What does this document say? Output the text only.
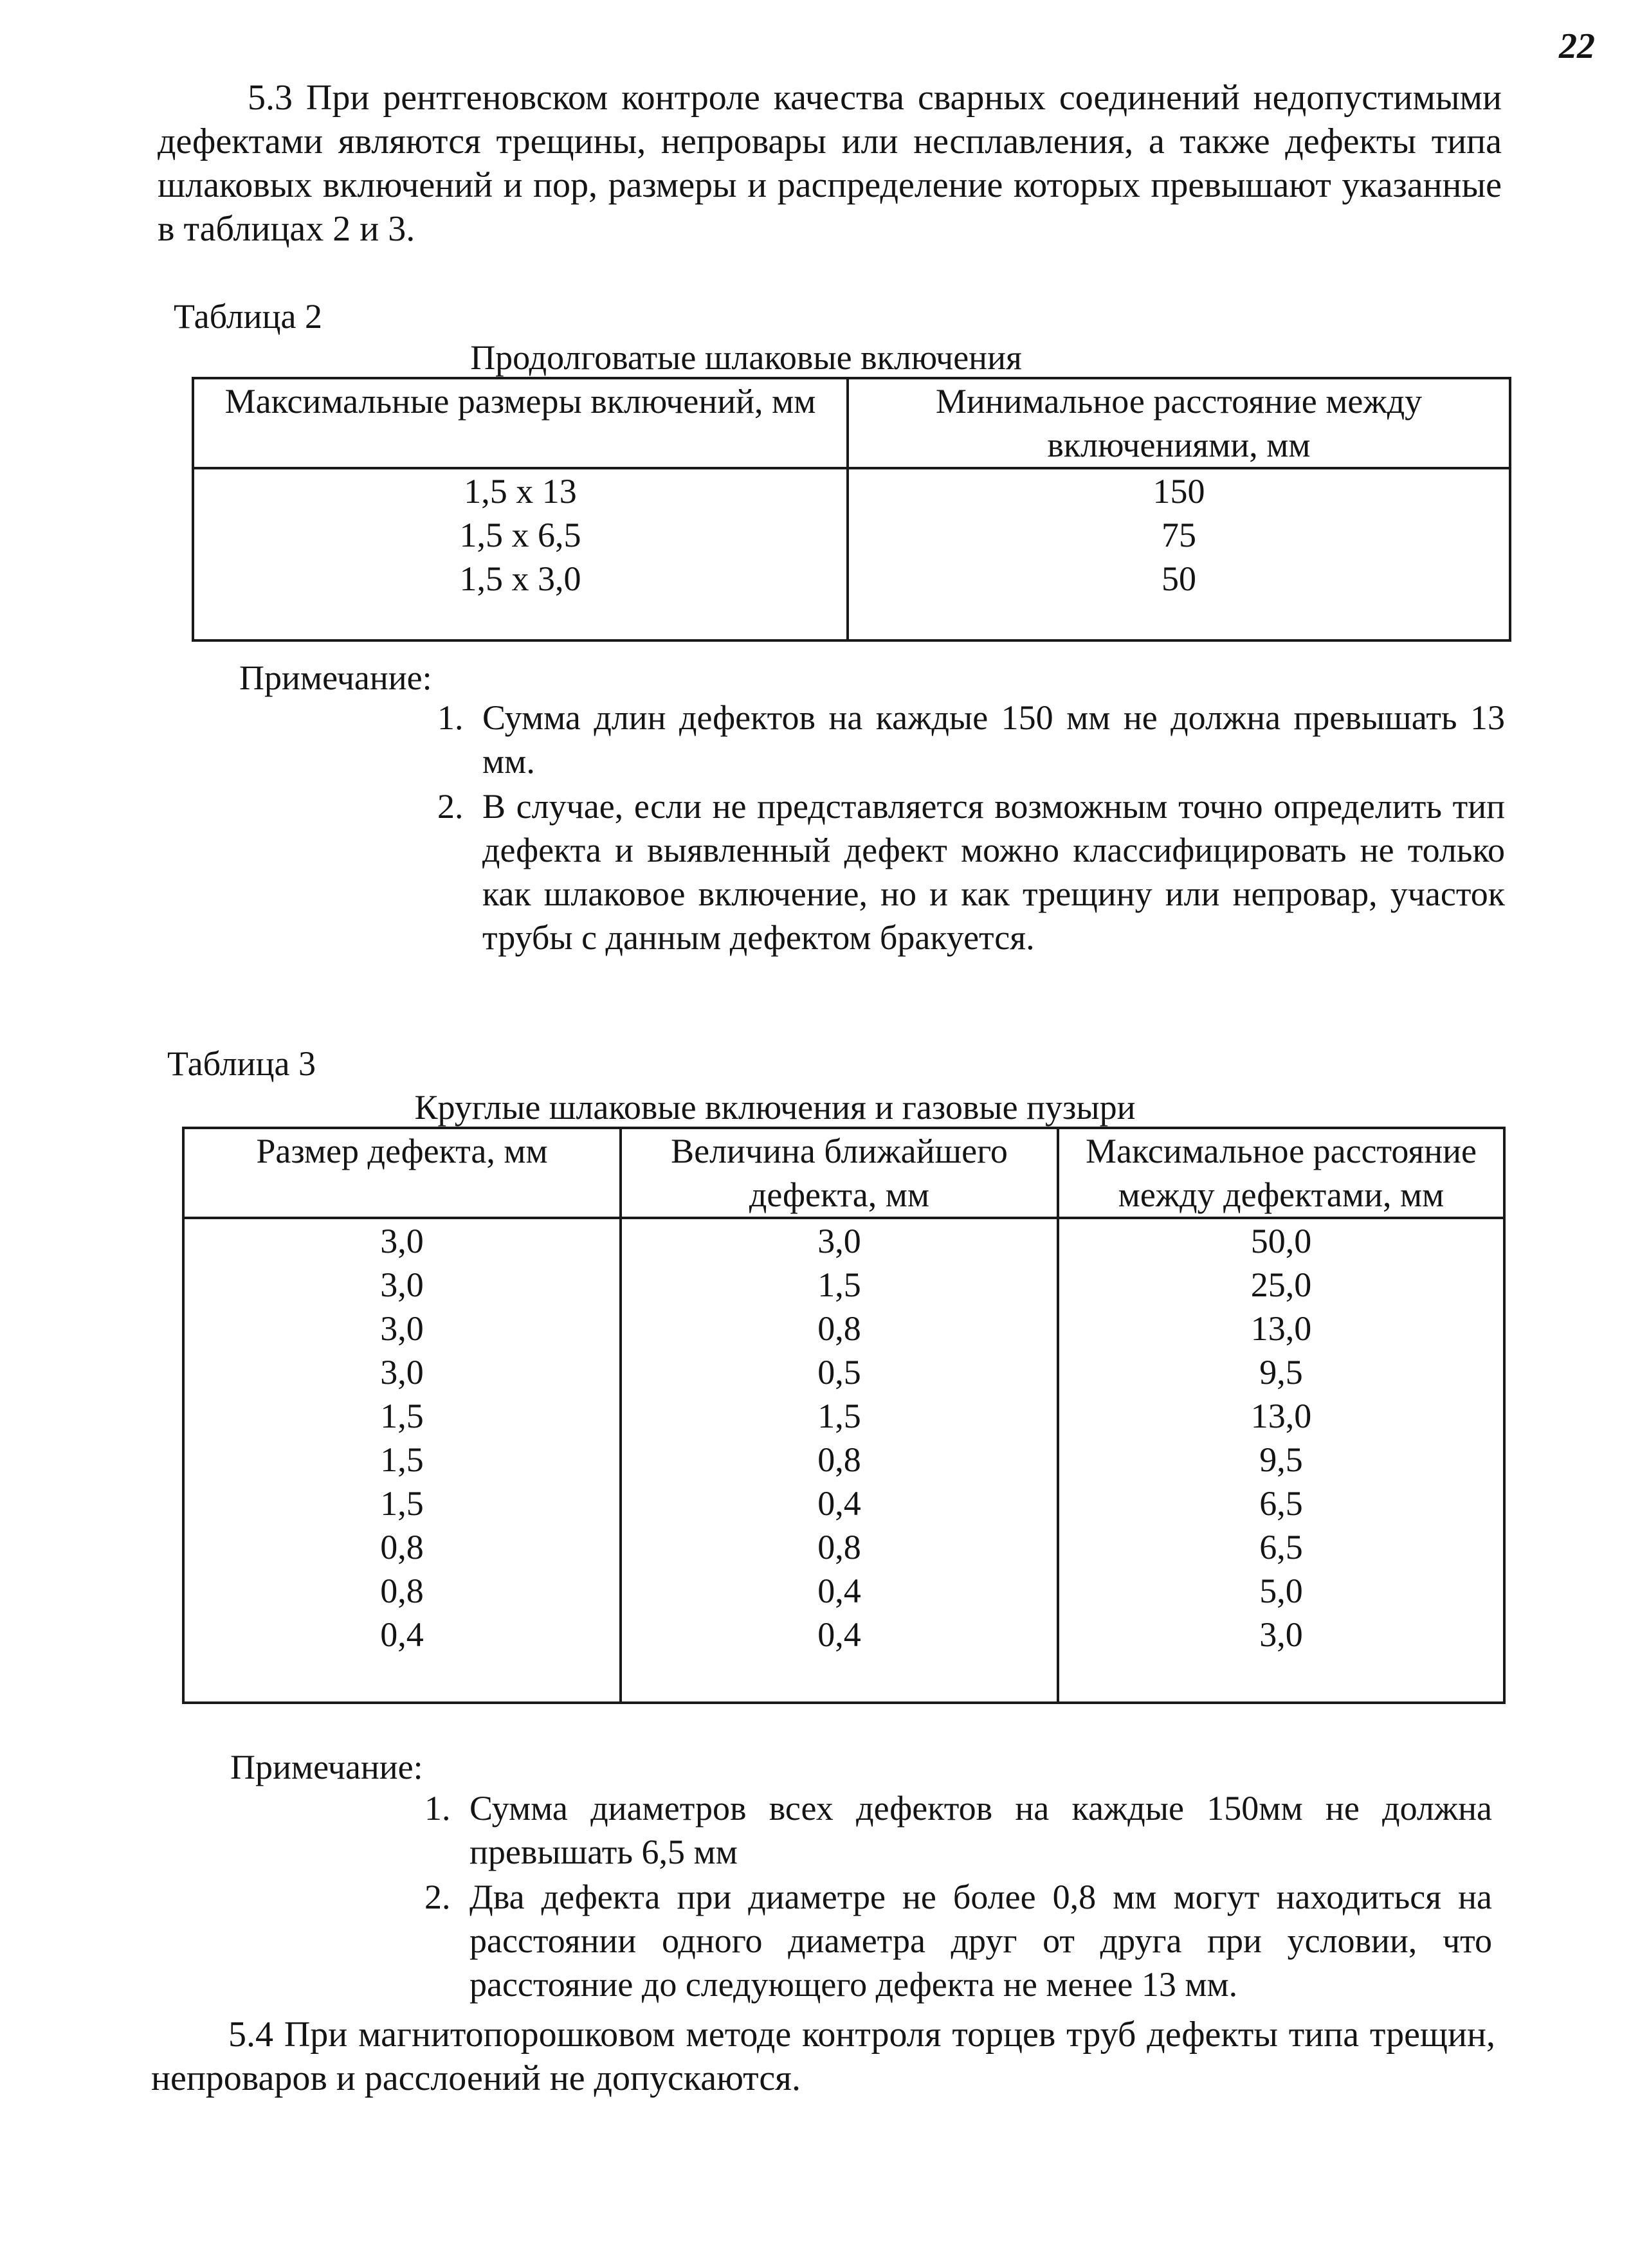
22

5.3 При рентгеновском контроле качества сварных соединений недопустимыми дефектами являются трещины, непровары или несплавления, а также дефекты типа шлаковых включений и пор, размеры и распределение которых превышают указанные в таблицах 2 и 3.

Таблица 2
Продолговатые шлаковые включения
Максимальные размеры включений, мм	Минимальное расстояние между включениями, мм
1,5 х 13	150
1,5 х 6,5	75
1,5 х 3,0	50
Примечание:
1. Сумма длин дефектов на каждые 150 мм не должна превышать 13 мм.
2. В случае, если не представляется возможным точно определить тип дефекта и выявленный дефект можно классифицировать не только как шлаковое включение, но и как трещину или непровар, участок трубы с данным дефектом бракуется.
Таблица 3
Круглые шлаковые включения и газовые пузыри
Размер дефекта, мм	Величина ближайшего дефекта, мм	Максимальное расстояние между дефектами, мм
3,0	3,0	50,0
3,0	1,5	25,0
3,0	0,8	13,0
3,0	0,5	9,5
1,5	1,5	13,0
1,5	0,8	9,5
1,5	0,4	6,5
0,8	0,8	6,5
0,8	0,4	5,0
0,4	0,4	3,0
Примечание:
1. Сумма диаметров всех дефектов на каждые 150мм не должна превышать 6,5 мм
2. Два дефекта при диаметре не более 0,8 мм могут находиться на расстоянии одного диаметра друг от друга при условии, что расстояние до следующего дефекта не менее 13 мм.

5.4 При магнитопорошковом методе контроля торцев труб дефекты типа трещин, непроваров и расслоений не допускаются.
